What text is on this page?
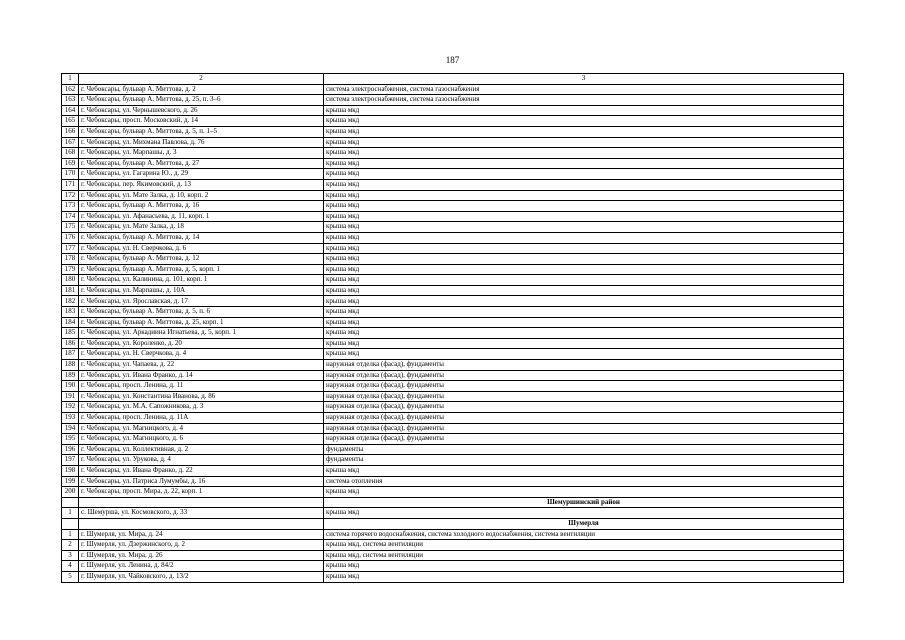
187
1	2	3
162	г. Чебоксары, бульвар А. Миттова, д. 2	система электроснабжения, система газоснабжения
163	г. Чебоксары, бульвар А. Миттова, д. 25, п. 3–6	система электроснабжения, система газоснабжения
164	г. Чебоксары, ул. Чернышевского, д. 26	крыша мкд
165	г. Чебоксары, просп. Московский, д. 14	крыша мкд
166	г. Чебоксары, бульвар А. Миттова, д. 5, п. 1–5	крыша мкд
167	г. Чебоксары, ул. Михмана Павлова, д. 76	крыша мкд
168	г. Чебоксары, ул. Марпашы, д. 3	крыша мкд
169	г. Чебоксары, бульвар А. Миттова, д. 27	крыша мкд
170	г. Чебоксары, ул. Гагарина Ю., д. 29	крыша мкд
171	г. Чебоксары, пер. Якимовский, д. 13	крыша мкд
172	г. Чебоксары, ул. Мате Залка, д. 10, корп. 2	крыша мкд
173	г. Чебоксары, бульвар А. Миттова, д. 16	крыша мкд
174	г. Чебоксары, ул. Афанасьева, д. 11, корп. 1	крыша мкд
175	г. Чебоксары, ул. Мате Залка, д. 18	крыша мкд
176	г. Чебоксары, бульвар А. Миттова, д. 14	крыша мкд
177	г. Чебоксары, ул. Н. Сверчкова, д. 6	крыша мкд
178	г. Чебоксары, бульвар А. Миттова, д. 12	крыша мкд
179	г. Чебоксары, бульвар А. Миттова, д. 5, корп. 1	крыша мкд
180	г. Чебоксары, ул. Калинина, д. 101, корп. 1	крыша мкд
181	г. Чебоксары, ул. Марпашы, д. 10А	крыша мкд
182	г. Чебоксары, ул. Ярославская, д. 17	крыша мкд
183	г. Чебоксары, бульвар А. Миттова, д. 5, п. 6	крыша мкд
184	г. Чебоксары, бульвар А. Миттова, д. 25, корп. 1	крыша мкд
185	г. Чебоксары, ул. Аркадиина Игнатьева, д. 5, корп. 1	крыша мкд
186	г. Чебоксары, ул. Короленко, д. 20	крыша мкд
187	г. Чебоксары, ул. Н. Сверчкова, д. 4	крыша мкд
188	г. Чебоксары, ул. Чапаева, д. 22	наружная отделка (фасад), фундаменты
189	г. Чебоксары, ул. Ивана Франко, д. 14	наружная отделка (фасад), фундаменты
190	г. Чебоксары, просп. Ленина, д. 11	наружная отделка (фасад), фундаменты
191	г. Чебоксары, ул. Константина Иванова, д. 86	наружная отделка (фасад), фундаменты
192	г. Чебоксары, ул. М.А. Сапожникова, д. 3	наружная отделка (фасад), фундаменты
193	г. Чебоксары, просп. Ленина, д. 11А	наружная отделка (фасад), фундаменты
194	г. Чебоксары, ул. Магницкого, д. 4	наружная отделка (фасад), фундаменты
195	г. Чебоксары, ул. Магницкого, д. 6	наружная отделка (фасад), фундаменты
196	г. Чебоксары, ул. Коллективная, д. 2	фундаменты
197	г. Чебоксары, ул. Урукова, д. 4	фундаменты
198	г. Чебоксары, ул. Ивана Франко, д. 22	крыша мкд
199	г. Чебоксары, ул. Патриса Лумумбы, д. 16	система отопления
200	г. Чебоксары, просп. Мира, д. 22, корп. 1	крыша мкд
		Шемуршинский район
1	с. Шемурша, ул. Космовского, д. 33	крыша мкд
		Шумерля
1	г. Шумерля, ул. Мира, д. 24	система горячего водоснабжения, система холодного водоснабжения, система вентиляции
2	г. Шумерля, ул. Дзержинского, д. 2	крыша мкд, система вентиляции
3	г. Шумерля, ул. Мира, д. 26	крыша мкд, система вентиляции
4	г. Шумерля, ул. Ленина, д. 84/2	крыша мкд
5	г. Шумерля, ул. Чайковского, д. 13/2	крыша мкд
